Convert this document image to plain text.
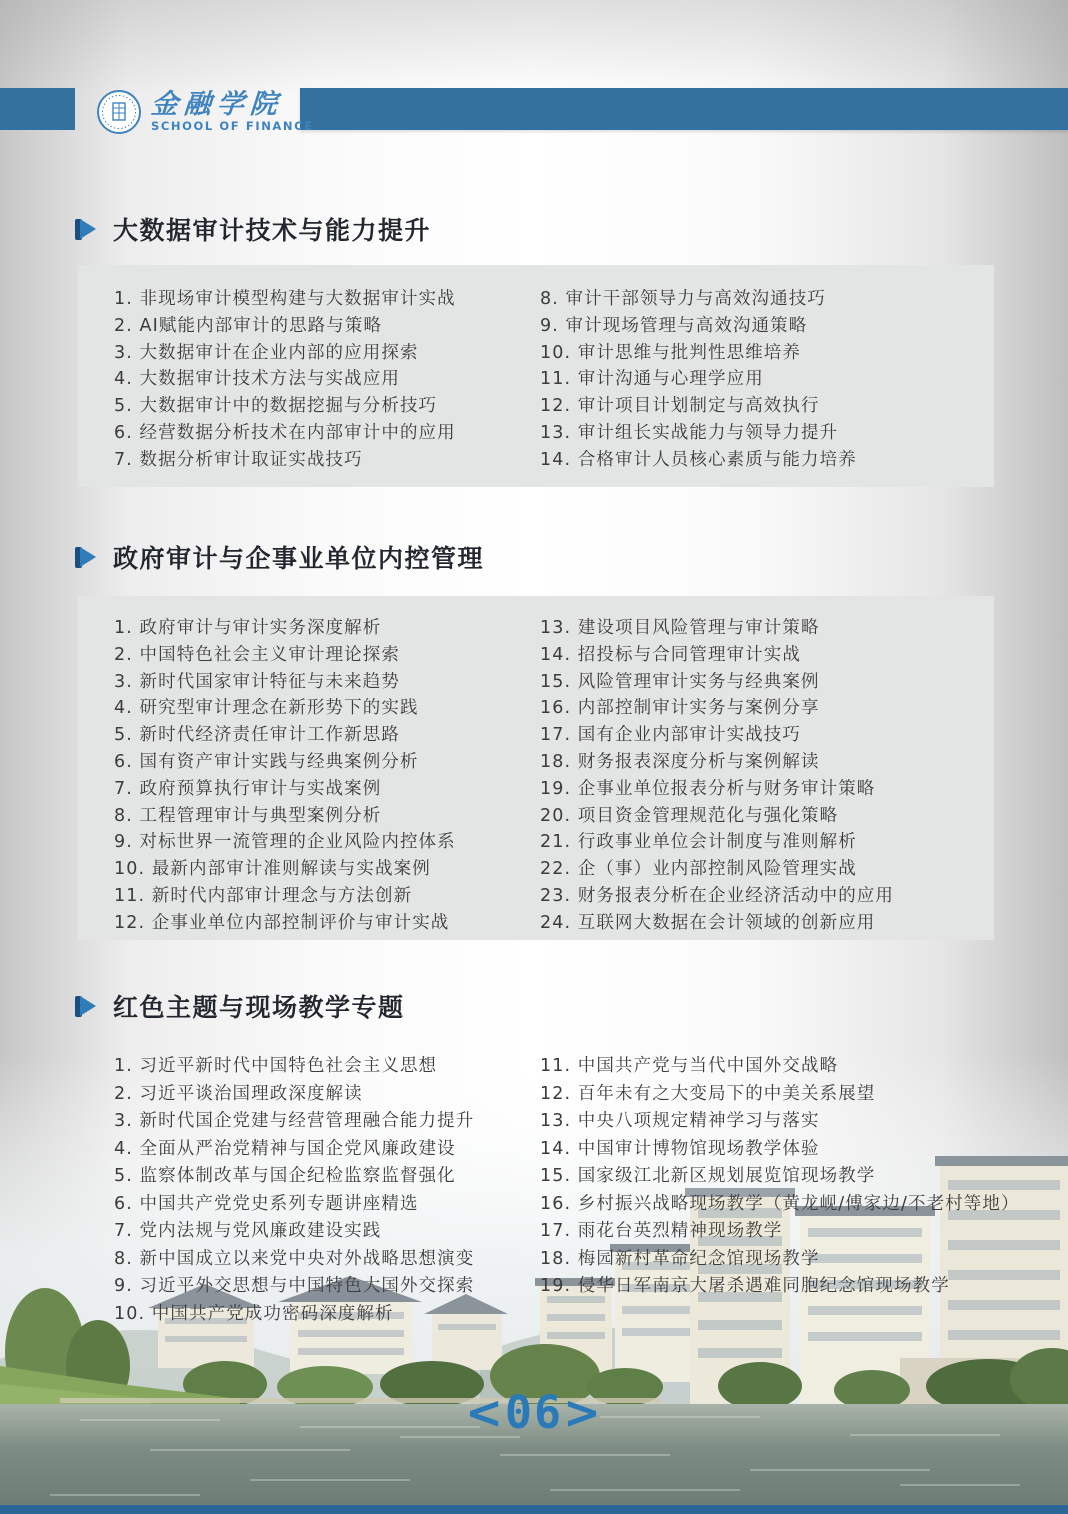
金融学院
SCHOOL OF FINANCE
大数据审计技术与能力提升
1. 非现场审计模型构建与大数据审计实战
2. AI赋能内部审计的思路与策略
3. 大数据审计在企业内部的应用探索
4. 大数据审计技术方法与实战应用
5. 大数据审计中的数据挖掘与分析技巧
6. 经营数据分析技术在内部审计中的应用
7. 数据分析审计取证实战技巧
8. 审计干部领导力与高效沟通技巧
9. 审计现场管理与高效沟通策略
10. 审计思维与批判性思维培养
11. 审计沟通与心理学应用
12. 审计项目计划制定与高效执行
13. 审计组长实战能力与领导力提升
14. 合格审计人员核心素质与能力培养
政府审计与企事业单位内控管理
1. 政府审计与审计实务深度解析
2. 中国特色社会主义审计理论探索
3. 新时代国家审计特征与未来趋势
4. 研究型审计理念在新形势下的实践
5. 新时代经济责任审计工作新思路
6. 国有资产审计实践与经典案例分析
7. 政府预算执行审计与实战案例
8. 工程管理审计与典型案例分析
9. 对标世界一流管理的企业风险内控体系
10. 最新内部审计准则解读与实战案例
11. 新时代内部审计理念与方法创新
12. 企事业单位内部控制评价与审计实战
13. 建设项目风险管理与审计策略
14. 招投标与合同管理审计实战
15. 风险管理审计实务与经典案例
16. 内部控制审计实务与案例分享
17. 国有企业内部审计实战技巧
18. 财务报表深度分析与案例解读
19. 企事业单位报表分析与财务审计策略
20. 项目资金管理规范化与强化策略
21. 行政事业单位会计制度与准则解析
22. 企（事）业内部控制风险管理实战
23. 财务报表分析在企业经济活动中的应用
24. 互联网大数据在会计领域的创新应用
红色主题与现场教学专题
1. 习近平新时代中国特色社会主义思想
2. 习近平谈治国理政深度解读
3. 新时代国企党建与经营管理融合能力提升
4. 全面从严治党精神与国企党风廉政建设
5. 监察体制改革与国企纪检监察监督强化
6. 中国共产党党史系列专题讲座精选
7. 党内法规与党风廉政建设实践
8. 新中国成立以来党中央对外战略思想演变
9. 习近平外交思想与中国特色大国外交探索
10. 中国共产党成功密码深度解析
11. 中国共产党与当代中国外交战略
12. 百年未有之大变局下的中美关系展望
13. 中央八项规定精神学习与落实
14. 中国审计博物馆现场教学体验
15. 国家级江北新区规划展览馆现场教学
16. 乡村振兴战略现场教学（黄龙岘/傅家边/不老村等地）
17. 雨花台英烈精神现场教学
18. 梅园新村革命纪念馆现场教学
19. 侵华日军南京大屠杀遇难同胞纪念馆现场教学
<06>
